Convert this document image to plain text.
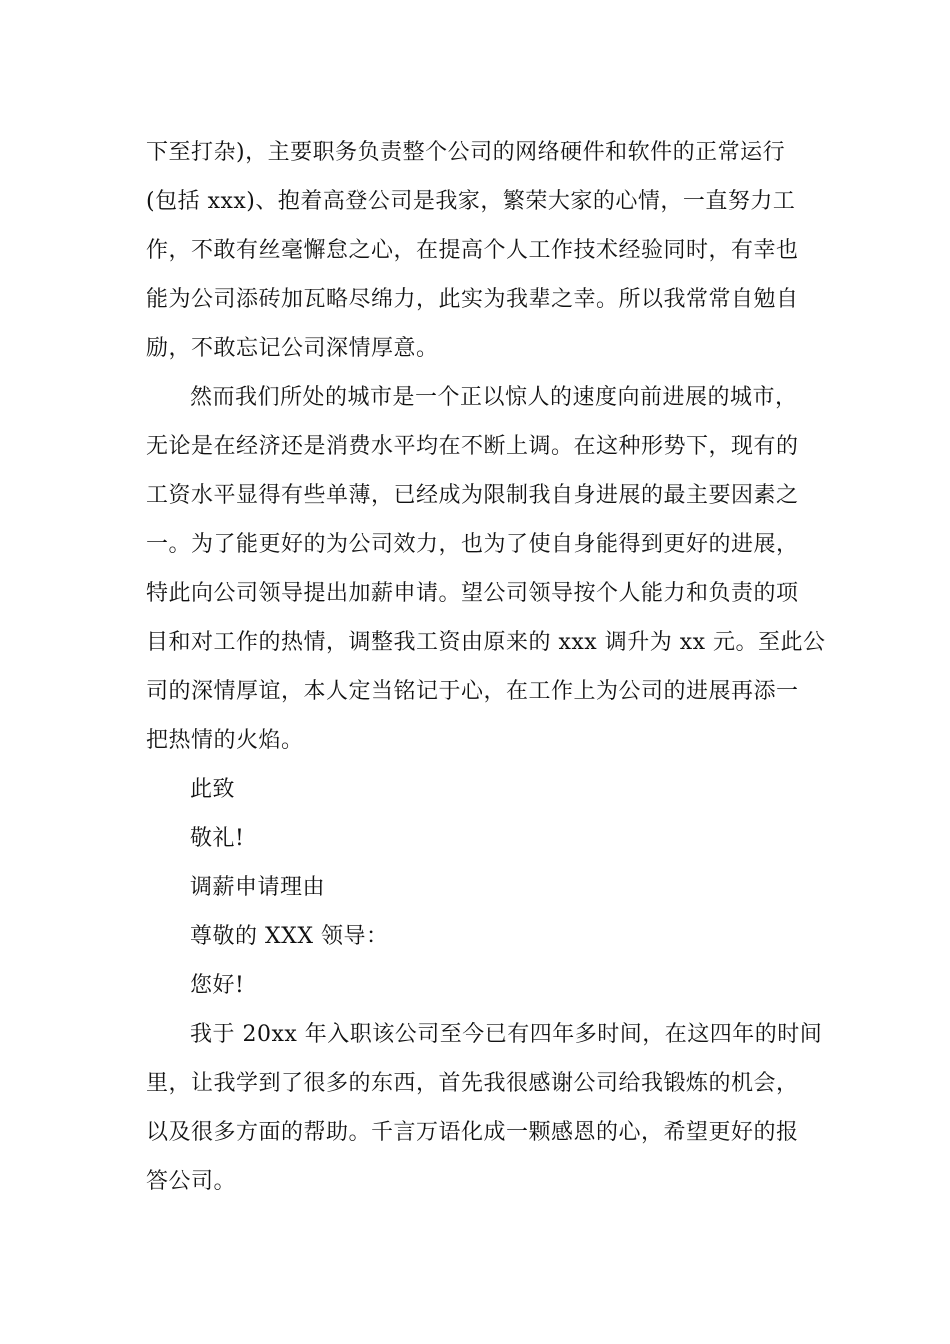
下至打杂)，主要职务负责整个公司的网络硬件和软件的正常运行
(包括 xxx)、抱着高登公司是我家，繁荣大家的心情，一直努力工
作，不敢有丝毫懈怠之心，在提高个人工作技术经验同时，有幸也
能为公司添砖加瓦略尽绵力，此实为我辈之幸。所以我常常自勉自
励，不敢忘记公司深情厚意。
然而我们所处的城市是一个正以惊人的速度向前进展的城市，
无论是在经济还是消费水平均在不断上调。在这种形势下，现有的
工资水平显得有些单薄，已经成为限制我自身进展的最主要因素之
一。为了能更好的为公司效力，也为了使自身能得到更好的进展，
特此向公司领导提出加薪申请。望公司领导按个人能力和负责的项
目和对工作的热情，调整我工资由原来的 xxx 调升为 xx 元。至此公
司的深情厚谊，本人定当铭记于心，在工作上为公司的进展再添一
把热情的火焰。
此致
敬礼!
调薪申请理由
尊敬的 XXX 领导：
您好!
我于 20xx 年入职该公司至今已有四年多时间，在这四年的时间
里，让我学到了很多的东西，首先我很感谢公司给我锻炼的机会，
以及很多方面的帮助。千言万语化成一颗感恩的心，希望更好的报
答公司。
